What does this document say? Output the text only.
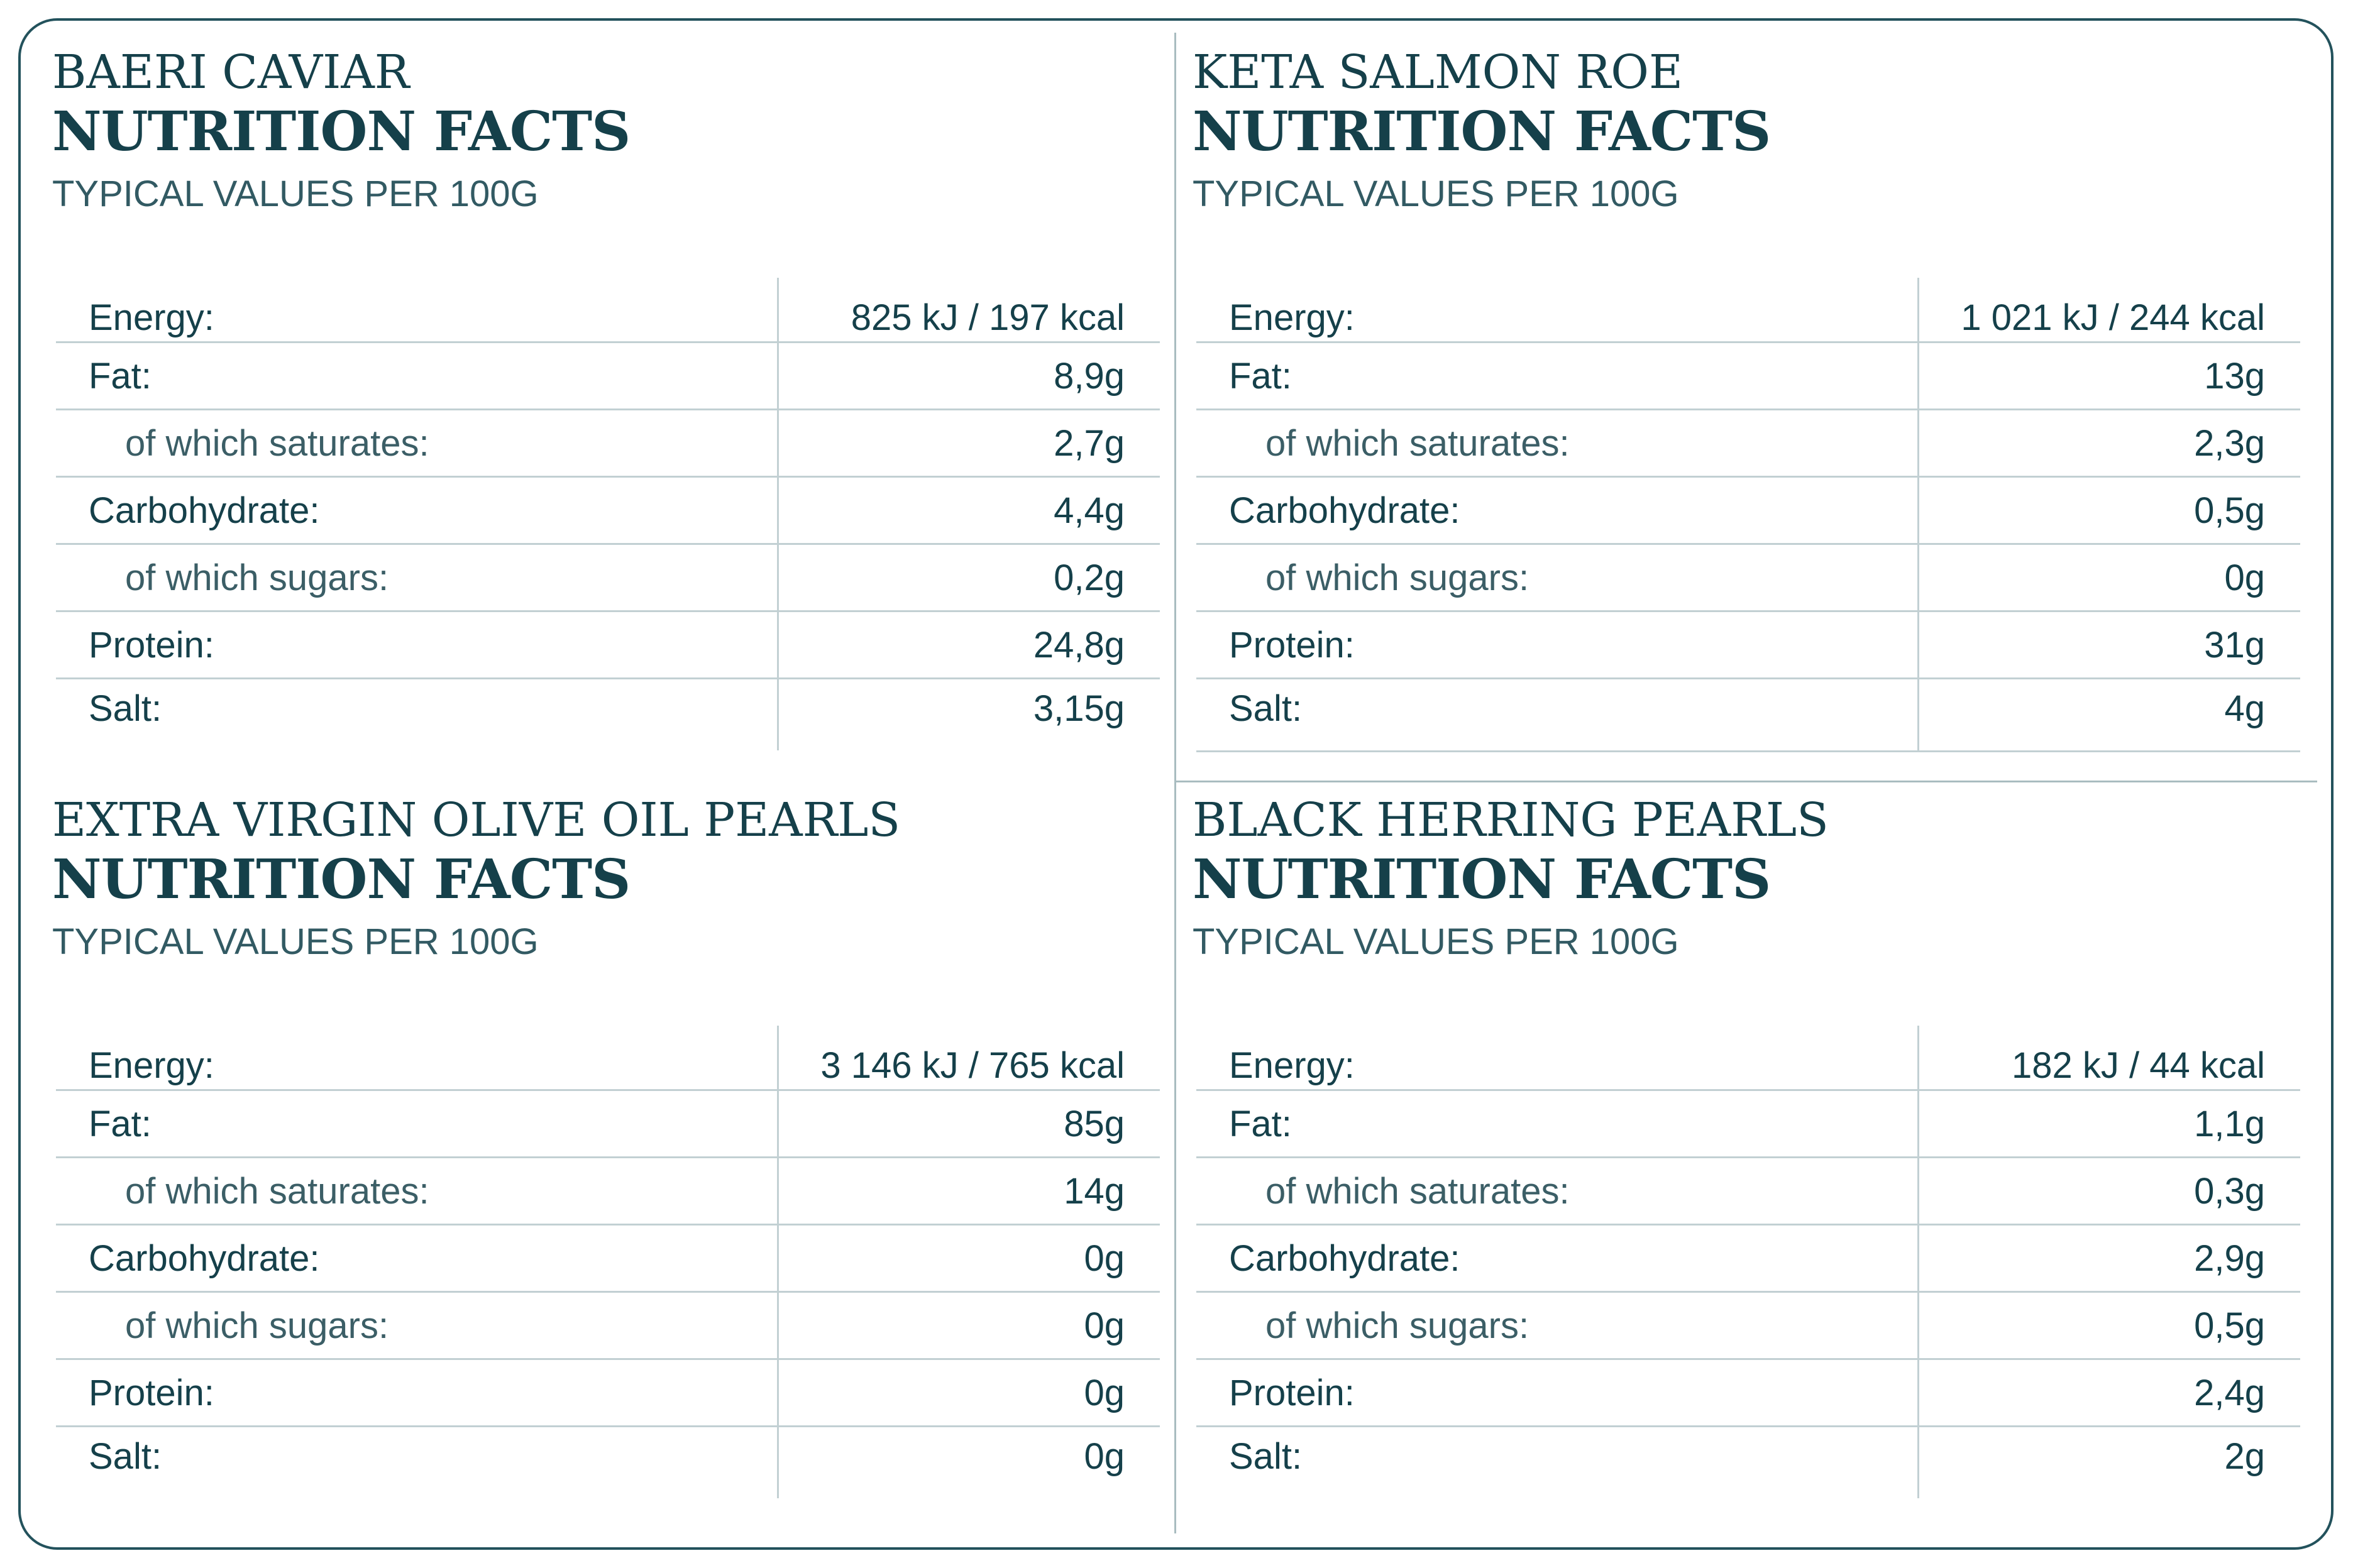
BAERI CAVIAR
NUTRITION FACTS
TYPICAL VALUES PER 100G
Energy:	825 kJ / 197 kcal
Fat:	8,9g
of which saturates:	2,7g
Carbohydrate:	4,4g
of which sugars:	0,2g
Protein:	24,8g
Salt:	3,15g
KETA SALMON ROE
NUTRITION FACTS
TYPICAL VALUES PER 100G
Energy:	1 021 kJ / 244 kcal
Fat:	13g
of which saturates:	2,3g
Carbohydrate:	0,5g
of which sugars:	0g
Protein:	31g
Salt:	4g
EXTRA VIRGIN OLIVE OIL PEARLS
NUTRITION FACTS
TYPICAL VALUES PER 100G
Energy:	3 146 kJ / 765 kcal
Fat:	85g
of which saturates:	14g
Carbohydrate:	0g
of which sugars:	0g
Protein:	0g
Salt:	0g
BLACK HERRING PEARLS
NUTRITION FACTS
TYPICAL VALUES PER 100G
Energy:	182 kJ / 44 kcal
Fat:	1,1g
of which saturates:	0,3g
Carbohydrate:	2,9g
of which sugars:	0,5g
Protein:	2,4g
Salt:	2g
